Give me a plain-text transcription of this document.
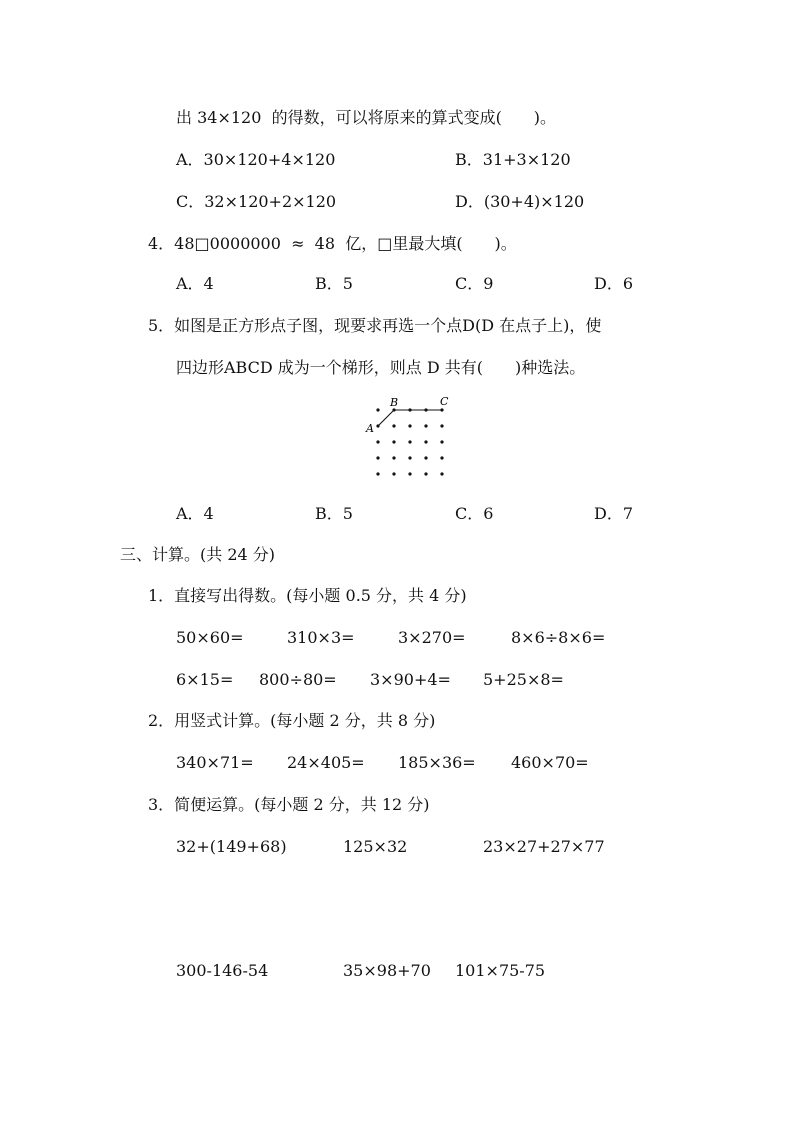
出 34×120  的得数，可以将原来的算式变成(　　)。
A．30×120+4×120	B．31+3×120
C．32×120+2×120	D．(30+4)×120
4．48□0000000  ≈  48  亿，□里最大填(　　)。
A．4	B．5	C．9	D．6
5．如图是正方形点子图，现要求再选一个点D(D 在点子上)，使
四边形ABCD 成为一个梯形，则点 D 共有(　　)种选法。
A
B	C
A．4	B．5	C．6	D．7
三、计算。(共 24 分)
1．直接写出得数。(每小题 0.5 分，共 4 分)
50×60=	310×3=	3×270=	8×6÷8×6=
6×15= 800÷80= 3×90+4= 5+25×8=
2．用竖式计算。(每小题 2 分，共 8 分)
340×71= 24×405= 185×36= 460×70=
3．简便运算。(每小题 2 分，共 12 分)
32+(149+68)	125×32	23×27+27×77
300-146-54	35×98+70 101×75-75
